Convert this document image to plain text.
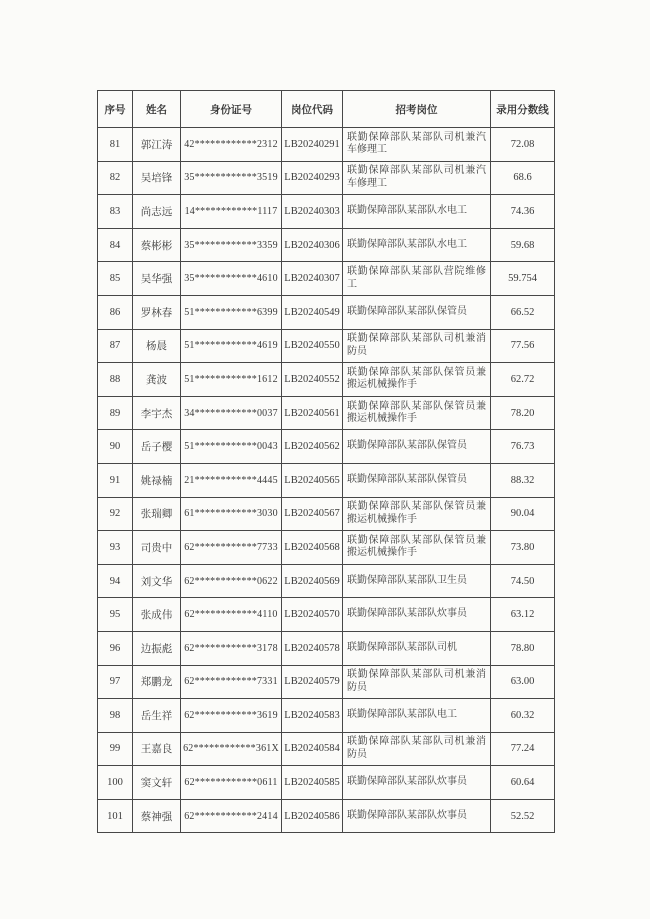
序号	姓名	身份证号	岗位代码	招考岗位	录用分数线
81	郭江涛	42************2312	LB20240291	联勤保障部队某部队司机兼汽车修理工	72.08
82	吴培锋	35************3519	LB20240293	联勤保障部队某部队司机兼汽车修理工	68.6
83	尚志远	14************1117	LB20240303	联勤保障部队某部队水电工	74.36
84	蔡彬彬	35************3359	LB20240306	联勤保障部队某部队水电工	59.68
85	吴华强	35************4610	LB20240307	联勤保障部队某部队营院维修工	59.754
86	罗林春	51************6399	LB20240549	联勤保障部队某部队保管员	66.52
87	杨晨	51************4619	LB20240550	联勤保障部队某部队司机兼消防员	77.56
88	龚波	51************1612	LB20240552	联勤保障部队某部队保管员兼搬运机械操作手	62.72
89	李宇杰	34************0037	LB20240561	联勤保障部队某部队保管员兼搬运机械操作手	78.20
90	岳子樱	51************0043	LB20240562	联勤保障部队某部队保管员	76.73
91	姚禄楠	21************4445	LB20240565	联勤保障部队某部队保管员	88.32
92	张瑞卿	61************3030	LB20240567	联勤保障部队某部队保管员兼搬运机械操作手	90.04
93	司贵中	62************7733	LB20240568	联勤保障部队某部队保管员兼搬运机械操作手	73.80
94	刘文华	62************0622	LB20240569	联勤保障部队某部队卫生员	74.50
95	张成伟	62************4110	LB20240570	联勤保障部队某部队炊事员	63.12
96	边振彪	62************3178	LB20240578	联勤保障部队某部队司机	78.80
97	郑鹏龙	62************7331	LB20240579	联勤保障部队某部队司机兼消防员	63.00
98	岳生祥	62************3619	LB20240583	联勤保障部队某部队电工	60.32
99	王嘉良	62************361X	LB20240584	联勤保障部队某部队司机兼消防员	77.24
100	窦文轩	62************0611	LB20240585	联勤保障部队某部队炊事员	60.64
101	蔡神强	62************2414	LB20240586	联勤保障部队某部队炊事员	52.52
